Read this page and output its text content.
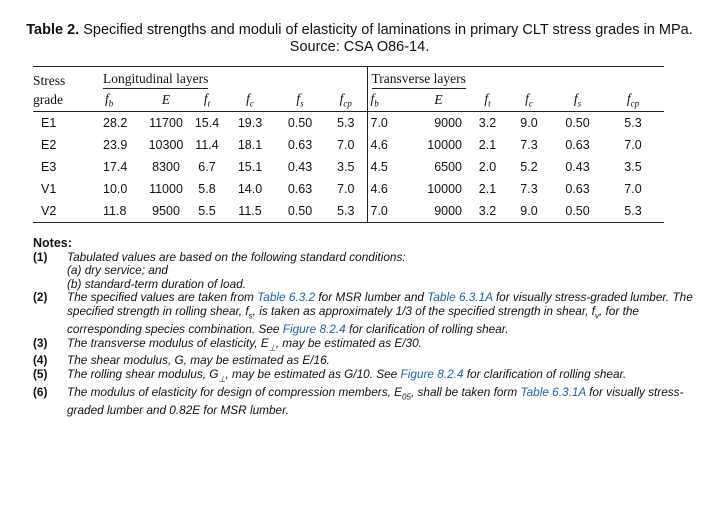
Table 2. Specified strengths and moduli of elasticity of laminations in primary CLT stress grades in MPa.
Source: CSA O86-14.

Stress	Longitudinal layers						Transverse layers					
grade	$f_b$	E	$f_t$	$f_c$	$f_s$	$f_{cp}$	$f_b$	E	$f_t$	$f_c$	$f_s$	$f_{cp}$
E1	28.2	11700	15.4	19.3	0.50	5.3	7.0	9000	3.2	9.0	0.50	5.3
E2	23.9	10300	11.4	18.1	0.63	7.0	4.6	10000	2.1	7.3	0.63	7.0
E3	17.4	8300	6.7	15.1	0.43	3.5	4.5	6500	2.0	5.2	0.43	3.5
V1	10.0	11000	5.8	14.0	0.63	7.0	4.6	10000	2.1	7.3	0.63	7.0
V2	11.8	9500	5.5	11.5	0.50	5.3	7.0	9000	3.2	9.0	0.50	5.3
Notes:
(1)	Tabulated values are based on the following standard conditions:
(a) dry service; and
(b) standard-term duration of load.
(2)	The specified values are taken from Table 6.3.2 for MSR lumber and Table 6.3.1A for visually stress-graded lumber. The specified strength in rolling shear, $f_s$, is taken as approximately 1/3 of the specified strength in shear, $f_v$, for the corresponding species combination. See Figure 8.2.4 for clarification of rolling shear.
(3)	The transverse modulus of elasticity, $E_\perp$, may be estimated as E/30.
(4)	The shear modulus, G, may be estimated as E/16.
(5)	The rolling shear modulus, $G_\perp$, may be estimated as G/10. See Figure 8.2.4 for clarification of rolling shear.
(6)	The modulus of elasticity for design of compression members, $E_{05}$, shall be taken form Table 6.3.1A for visually stress-graded lumber and 0.82E for MSR lumber.
